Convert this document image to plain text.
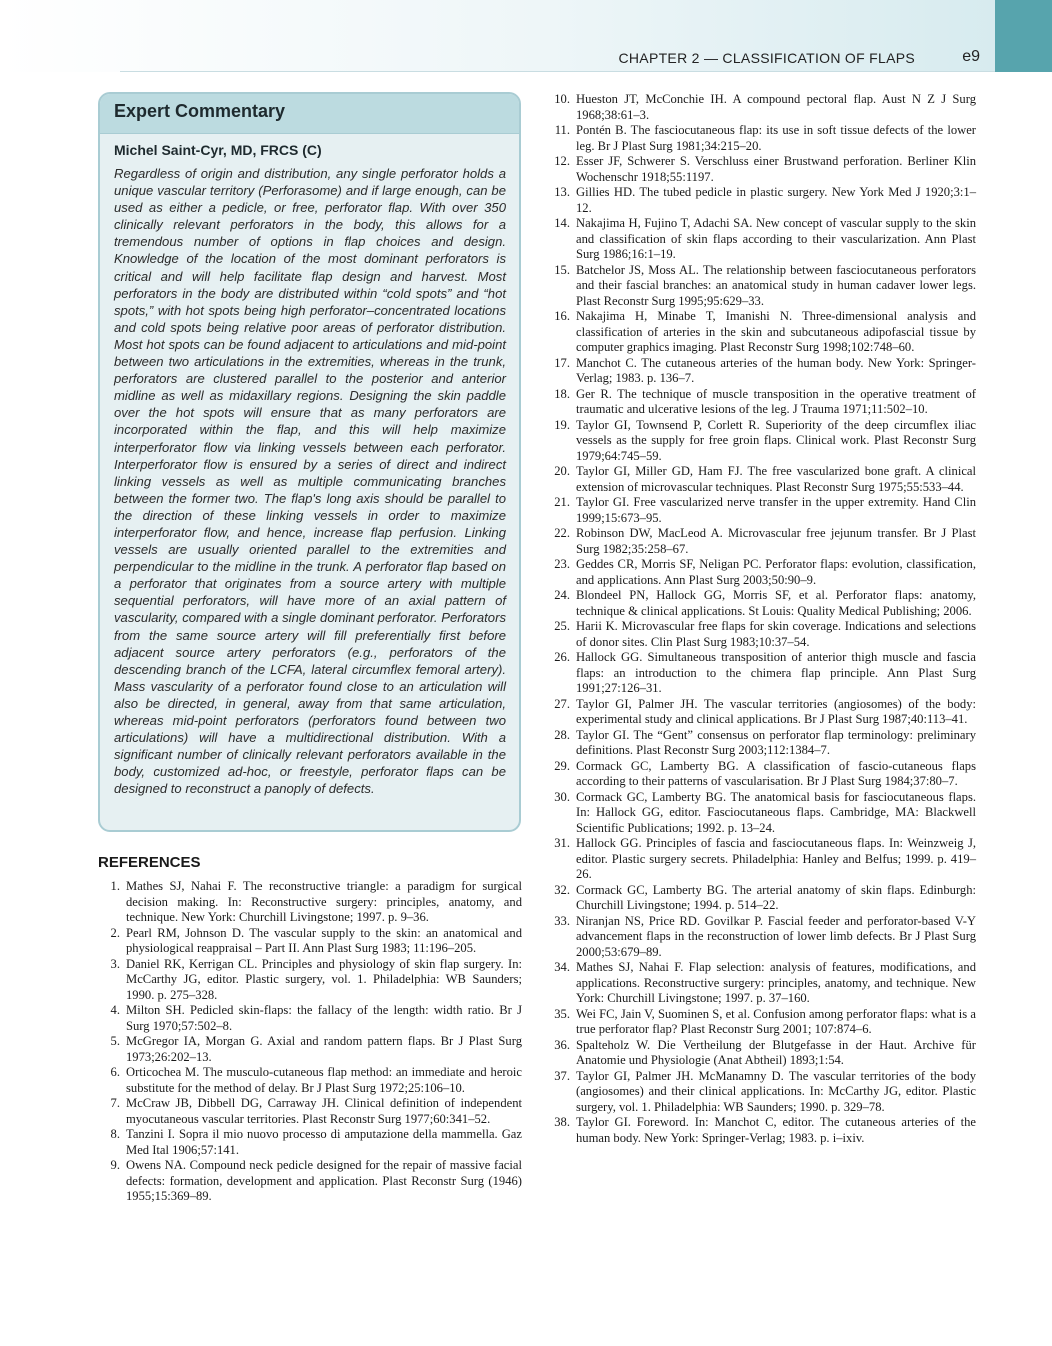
CHAPTER 2 — CLASSIFICATION OF FLAPS	e9
Expert Commentary
Michel Saint-Cyr, MD, FRCS (C)
Regardless of origin and distribution, any single perforator holds a unique vascular territory (Perforasome) and if large enough, can be used as either a pedicle, or free, perforator flap. With over 350 clinically relevant perforators in the body, this allows for a tremendous number of options in flap choices and design. Knowledge of the location of the most dominant perforators is critical and will help facilitate flap design and harvest. Most perforators in the body are distributed within “cold spots” and “hot spots,” with hot spots being high perforator–concentrated locations and cold spots being relative poor areas of perforator distribution. Most hot spots can be found adjacent to articulations and mid-point between two articulations in the extremities, whereas in the trunk, perforators are clustered parallel to the posterior and anterior midline as well as midaxillary regions. Designing the skin paddle over the hot spots will ensure that as many perforators are incorporated within the flap, and this will help maximize interperforator flow via linking vessels between each perforator. Interperforator flow is ensured by a series of direct and indirect linking vessels as well as multiple communicating branches between the former two. The flap's long axis should be parallel to the direction of these linking vessels in order to maximize interperforator flow, and hence, increase flap perfusion. Linking vessels are usually oriented parallel to the extremities and perpendicular to the midline in the trunk. A perforator flap based on a perforator that originates from a source artery with multiple sequential perforators, will have more of an axial pattern of vascularity, compared with a single dominant perforator. Perforators from the same source artery will fill preferentially first before adjacent source artery perforators (e.g., perforators of the descending branch of the LCFA, lateral circumflex femoral artery). Mass vascularity of a perforator found close to an articulation will also be directed, in general, away from that same articulation, whereas mid-point perforators (perforators found between two articulations) will have a multidirectional distribution. With a significant number of clinically relevant perforators available in the body, customized ad-hoc, or freestyle, perforator flaps can be designed to reconstruct a panoply of defects.
REFERENCES
1. Mathes SJ, Nahai F. The reconstructive triangle: a paradigm for surgical decision making. In: Reconstructive surgery: principles, anatomy, and technique. New York: Churchill Livingstone; 1997. p. 9–36.
2. Pearl RM, Johnson D. The vascular supply to the skin: an anatomical and physiological reappraisal – Part II. Ann Plast Surg 1983; 11:196–205.
3. Daniel RK, Kerrigan CL. Principles and physiology of skin flap surgery. In: McCarthy JG, editor. Plastic surgery, vol. 1. Philadelphia: WB Saunders; 1990. p. 275–328.
4. Milton SH. Pedicled skin-flaps: the fallacy of the length: width ratio. Br J Surg 1970;57:502–8.
5. McGregor IA, Morgan G. Axial and random pattern flaps. Br J Plast Surg 1973;26:202–13.
6. Orticochea M. The musculo-cutaneous flap method: an immediate and heroic substitute for the method of delay. Br J Plast Surg 1972;25:106–10.
7. McCraw JB, Dibbell DG, Carraway JH. Clinical definition of independent myocutaneous vascular territories. Plast Reconstr Surg 1977;60:341–52.
8. Tanzini I. Sopra il mio nuovo processo di amputazione della mammella. Gaz Med Ital 1906;57:141.
9. Owens NA. Compound neck pedicle designed for the repair of massive facial defects: formation, development and application. Plast Reconstr Surg (1946) 1955;15:369–89.
10. Hueston JT, McConchie IH. A compound pectoral flap. Aust N Z J Surg 1968;38:61–3.
11. Pontén B. The fasciocutaneous flap: its use in soft tissue defects of the lower leg. Br J Plast Surg 1981;34:215–20.
12. Esser JF, Schwerer S. Verschluss einer Brustwand perforation. Berliner Klin Wochenschr 1918;55:1197.
13. Gillies HD. The tubed pedicle in plastic surgery. New York Med J 1920;3:1–12.
14. Nakajima H, Fujino T, Adachi SA. New concept of vascular supply to the skin and classification of skin flaps according to their vascularization. Ann Plast Surg 1986;16:1–19.
15. Batchelor JS, Moss AL. The relationship between fasciocutaneous perforators and their fascial branches: an anatomical study in human cadaver lower legs. Plast Reconstr Surg 1995;95:629–33.
16. Nakajima H, Minabe T, Imanishi N. Three-dimensional analysis and classification of arteries in the skin and subcutaneous adipofascial tissue by computer graphics imaging. Plast Reconstr Surg 1998;102:748–60.
17. Manchot C. The cutaneous arteries of the human body. New York: Springer-Verlag; 1983. p. 136–7.
18. Ger R. The technique of muscle transposition in the operative treatment of traumatic and ulcerative lesions of the leg. J Trauma 1971;11:502–10.
19. Taylor GI, Townsend P, Corlett R. Superiority of the deep circumflex iliac vessels as the supply for free groin flaps. Clinical work. Plast Reconstr Surg 1979;64:745–59.
20. Taylor GI, Miller GD, Ham FJ. The free vascularized bone graft. A clinical extension of microvascular techniques. Plast Reconstr Surg 1975;55:533–44.
21. Taylor GI. Free vascularized nerve transfer in the upper extremity. Hand Clin 1999;15:673–95.
22. Robinson DW, MacLeod A. Microvascular free jejunum transfer. Br J Plast Surg 1982;35:258–67.
23. Geddes CR, Morris SF, Neligan PC. Perforator flaps: evolution, classification, and applications. Ann Plast Surg 2003;50:90–9.
24. Blondeel PN, Hallock GG, Morris SF, et al. Perforator flaps: anatomy, technique & clinical applications. St Louis: Quality Medical Publishing; 2006.
25. Harii K. Microvascular free flaps for skin coverage. Indications and selections of donor sites. Clin Plast Surg 1983;10:37–54.
26. Hallock GG. Simultaneous transposition of anterior thigh muscle and fascia flaps: an introduction to the chimera flap principle. Ann Plast Surg 1991;27:126–31.
27. Taylor GI, Palmer JH. The vascular territories (angiosomes) of the body: experimental study and clinical applications. Br J Plast Surg 1987;40:113–41.
28. Taylor GI. The “Gent” consensus on perforator flap terminology: preliminary definitions. Plast Reconstr Surg 2003;112:1384–7.
29. Cormack GC, Lamberty BG. A classification of fascio-cutaneous flaps according to their patterns of vascularisation. Br J Plast Surg 1984;37:80–7.
30. Cormack GC, Lamberty BG. The anatomical basis for fasciocutaneous flaps. In: Hallock GG, editor. Fasciocutaneous flaps. Cambridge, MA: Blackwell Scientific Publications; 1992. p. 13–24.
31. Hallock GG. Principles of fascia and fasciocutaneous flaps. In: Weinzweig J, editor. Plastic surgery secrets. Philadelphia: Hanley and Belfus; 1999. p. 419–26.
32. Cormack GC, Lamberty BG. The arterial anatomy of skin flaps. Edinburgh: Churchill Livingstone; 1994. p. 514–22.
33. Niranjan NS, Price RD. Govilkar P. Fascial feeder and perforator-based V-Y advancement flaps in the reconstruction of lower limb defects. Br J Plast Surg 2000;53:679–89.
34. Mathes SJ, Nahai F. Flap selection: analysis of features, modifications, and applications. Reconstructive surgery: principles, anatomy, and technique. New York: Churchill Livingstone; 1997. p. 37–160.
35. Wei FC, Jain V, Suominen S, et al. Confusion among perforator flaps: what is a true perforator flap? Plast Reconstr Surg 2001; 107:874–6.
36. Spalteholz W. Die Vertheilung der Blutgefasse in der Haut. Archive für Anatomie und Physiologie (Anat Abtheil) 1893;1:54.
37. Taylor GI, Palmer JH. McManamny D. The vascular territories of the body (angiosomes) and their clinical applications. In: McCarthy JG, editor. Plastic surgery, vol. 1. Philadelphia: WB Saunders; 1990. p. 329–78.
38. Taylor GI. Foreword. In: Manchot C, editor. The cutaneous arteries of the human body. New York: Springer-Verlag; 1983. p. i–ixiv.
